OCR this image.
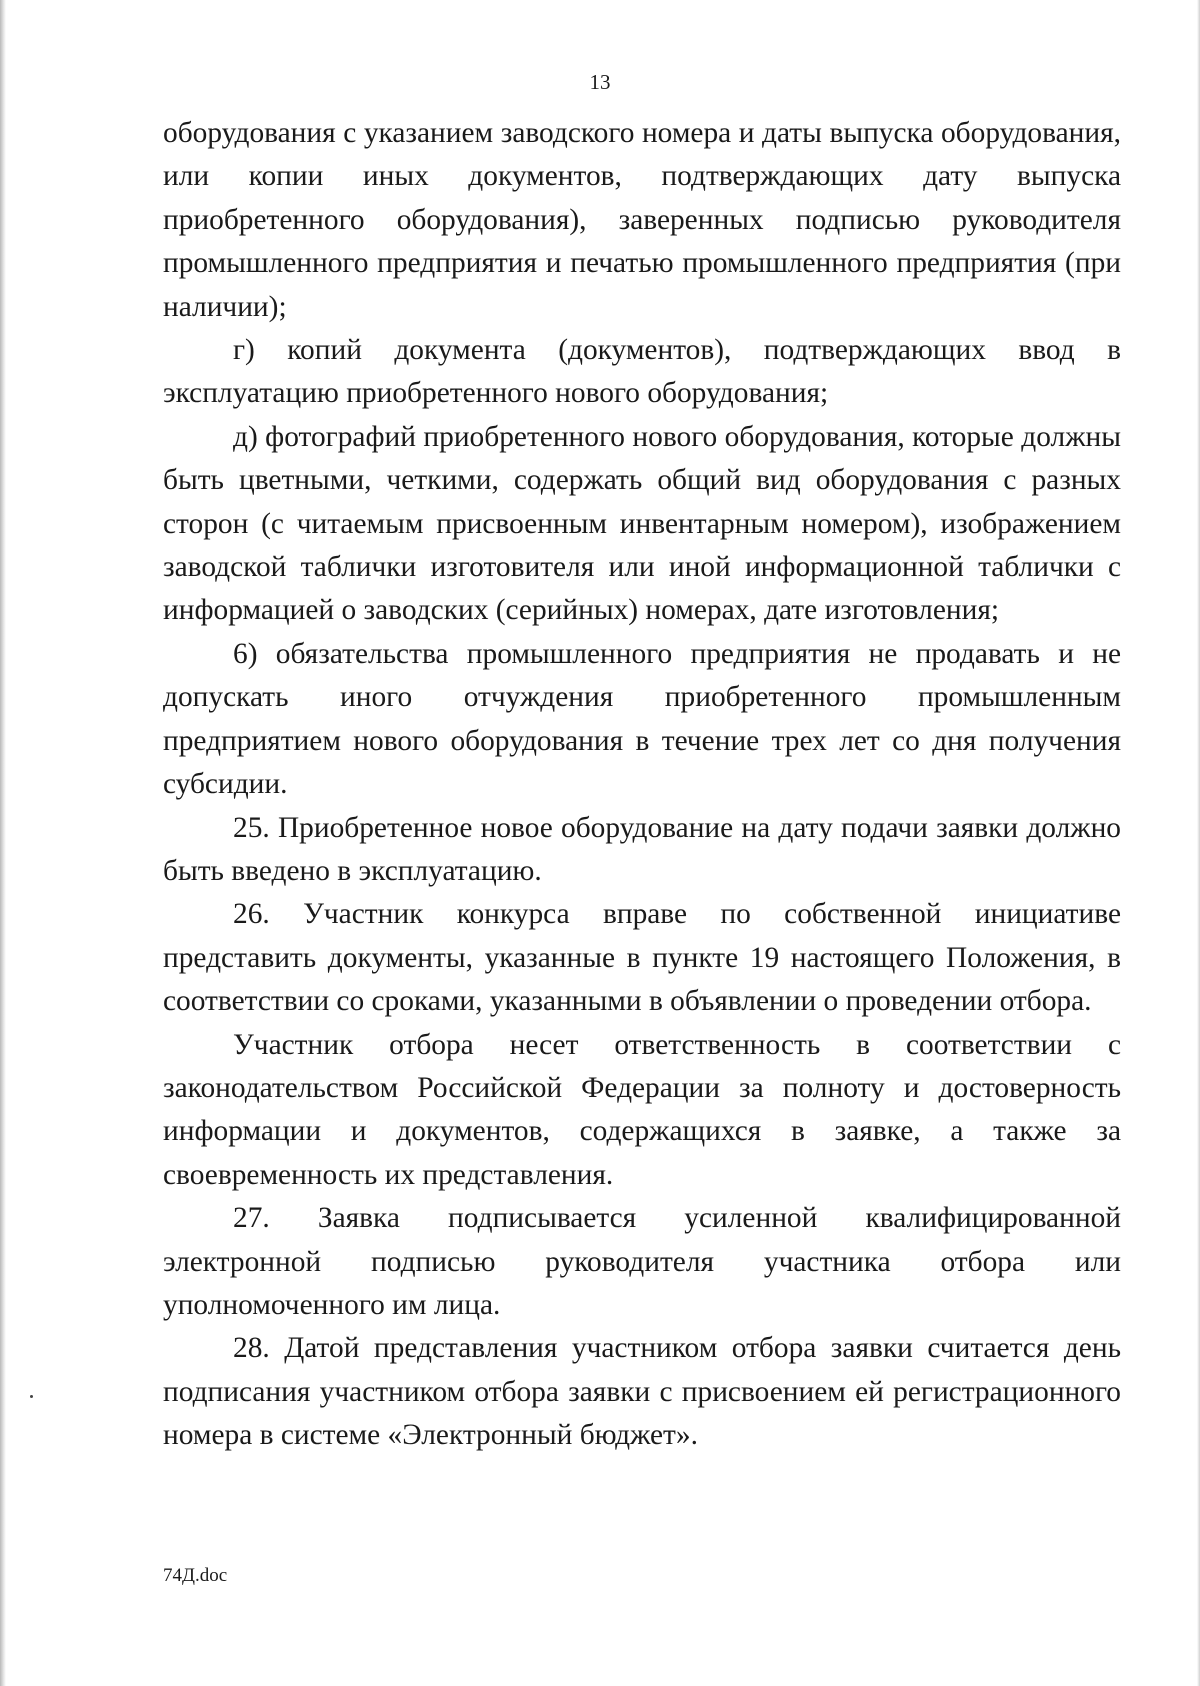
13

оборудования с указанием заводского номера и даты выпуска оборудования, или копии иных документов, подтверждающих дату выпуска приобретенного оборудования), заверенных подписью руководителя промышленного предприятия и печатью промышленного предприятия (при наличии);

г) копий документа (документов), подтверждающих ввод в эксплуатацию приобретенного нового оборудования;

д) фотографий приобретенного нового оборудования, которые должны быть цветными, четкими, содержать общий вид оборудования с разных сторон (с читаемым присвоенным инвентарным номером), изображением заводской таблички изготовителя или иной информационной таблички с информацией о заводских (серийных) номерах, дате изготовления;

6) обязательства промышленного предприятия не продавать и не допускать иного отчуждения приобретенного промышленным предприятием нового оборудования в течение трех лет со дня получения субсидии.

25. Приобретенное новое оборудование на дату подачи заявки должно быть введено в эксплуатацию.

26. Участник конкурса вправе по собственной инициативе представить документы, указанные в пункте 19 настоящего Положения, в соответствии со сроками, указанными в объявлении о проведении отбора.

Участник отбора несет ответственность в соответствии с законодательством Российской Федерации за полноту и достоверность информации и документов, содержащихся в заявке, а также за своевременность их представления.

27. Заявка подписывается усиленной квалифицированной электронной подписью руководителя участника отбора или уполномоченного им лица.

28. Датой представления участником отбора заявки считается день подписания участником отбора заявки с присвоением ей регистрационного номера в системе «Электронный бюджет».

74Д.doc
